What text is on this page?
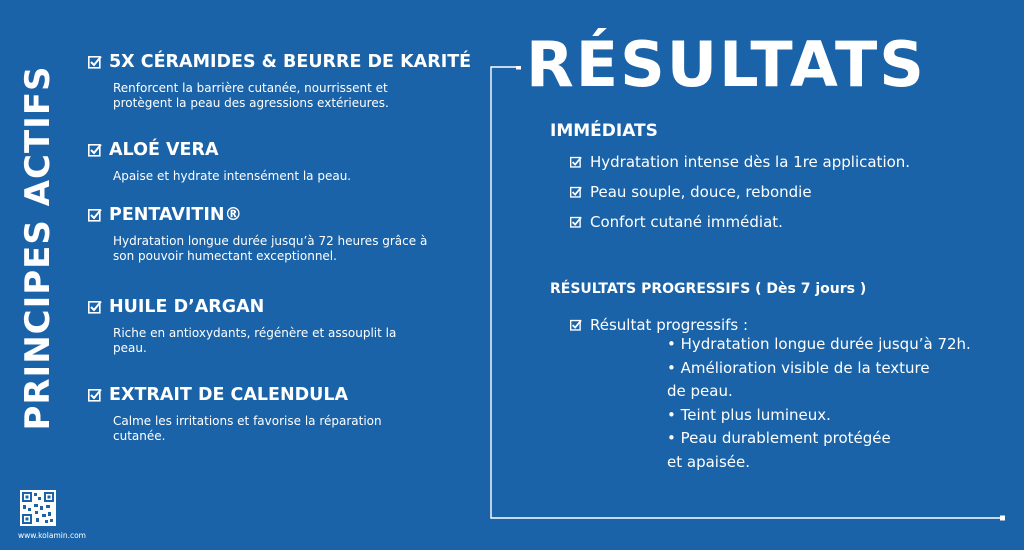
PRINCIPES ACTIFS
www.kolamin.com
5X CÉRAMIDES & BEURRE DE KARITÉ
Renforcent la barrière cutanée, nourrissent et protègent la peau des agressions extérieures.
ALOÉ VERA
Apaise et hydrate intensément la peau.
PENTAVITIN®
Hydratation longue durée jusqu’à 72 heures grâce à son pouvoir humectant exceptionnel.
HUILE D’ARGAN
Riche en antioxydants, régénère et assouplit la peau.
EXTRAIT DE CALENDULA
Calme les irritations et favorise la réparation cutanée.
RÉSULTATS
IMMÉDIATS
Hydratation intense dès la 1re application.
Peau souple, douce, rebondie
Confort cutané immédiat.
RÉSULTATS PROGRESSIFS ( Dès 7 jours )
Résultat progressifs :
• Hydratation longue durée jusqu’à 72h.
• Amélioration visible de la texture
de peau.
• Teint plus lumineux.
• Peau durablement protégée
et apaisée.
